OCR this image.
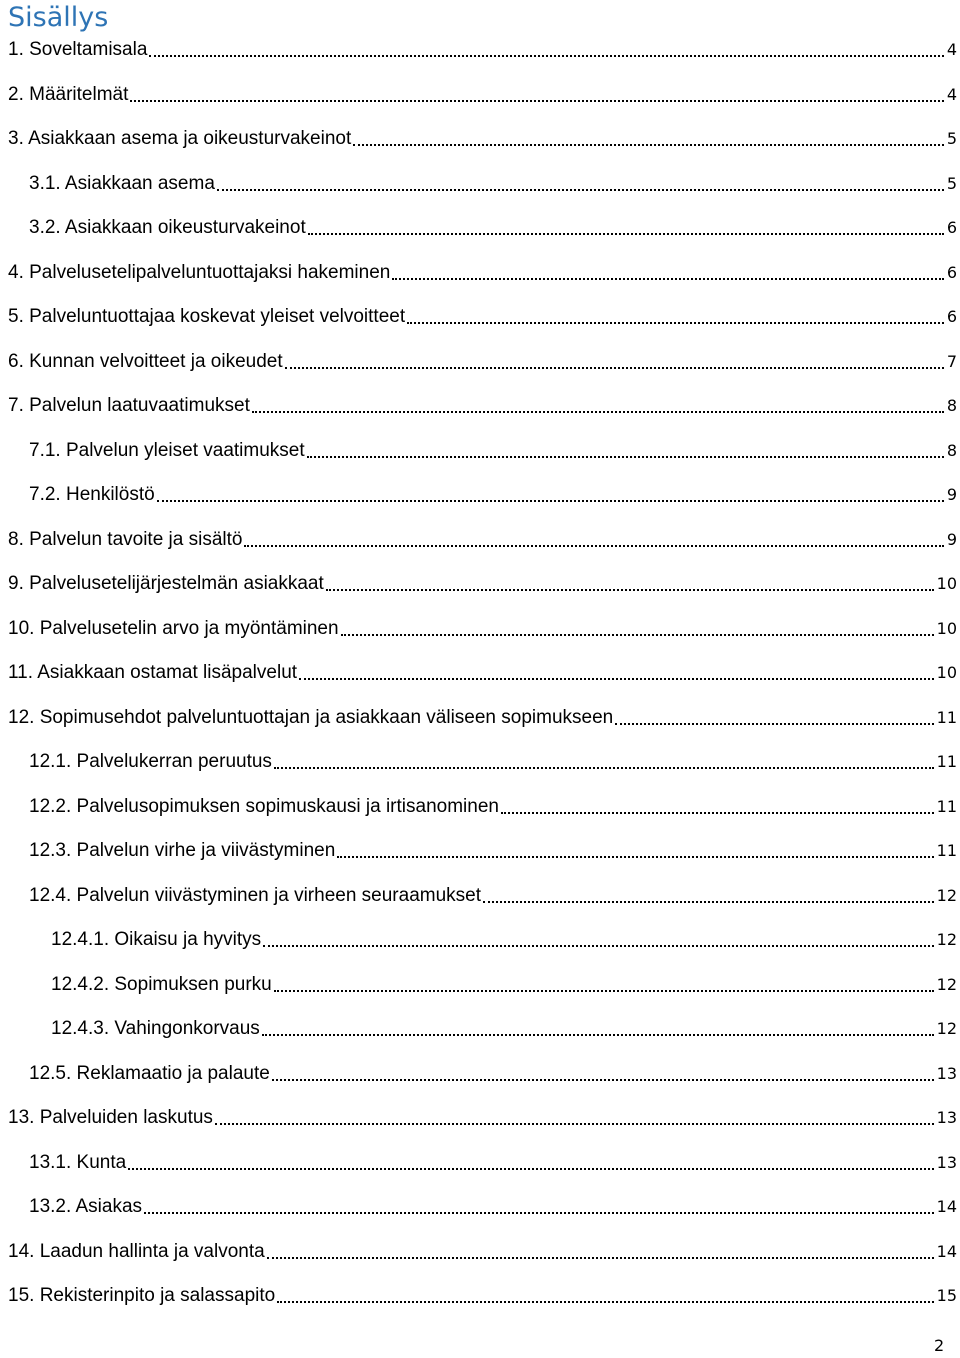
Sisällys
1. Soveltamisala	4
2. Määritelmät	4
3. Asiakkaan asema ja oikeusturvakeinot	5
3.1. Asiakkaan asema	5
3.2. Asiakkaan oikeusturvakeinot	6
4. Palvelusetelipalveluntuottajaksi hakeminen	6
5. Palveluntuottajaa koskevat yleiset velvoitteet	6
6. Kunnan velvoitteet ja oikeudet	7
7. Palvelun laatuvaatimukset	8
7.1. Palvelun yleiset vaatimukset	8
7.2. Henkilöstö	9
8. Palvelun tavoite ja sisältö	9
9. Palvelusetelijärjestelmän asiakkaat	10
10. Palvelusetelin arvo ja myöntäminen	10
11. Asiakkaan ostamat lisäpalvelut	10
12. Sopimusehdot palveluntuottajan ja asiakkaan väliseen sopimukseen	11
12.1. Palvelukerran peruutus	11
12.2. Palvelusopimuksen sopimuskausi ja irtisanominen	11
12.3. Palvelun virhe ja viivästyminen	11
12.4. Palvelun viivästyminen ja virheen seuraamukset	12
12.4.1. Oikaisu ja hyvitys	12
12.4.2. Sopimuksen purku	12
12.4.3. Vahingonkorvaus	12
12.5. Reklamaatio ja palaute	13
13. Palveluiden laskutus	13
13.1. Kunta	13
13.2. Asiakas	14
14. Laadun hallinta ja valvonta	14
15. Rekisterinpito ja salassapito	15
2
